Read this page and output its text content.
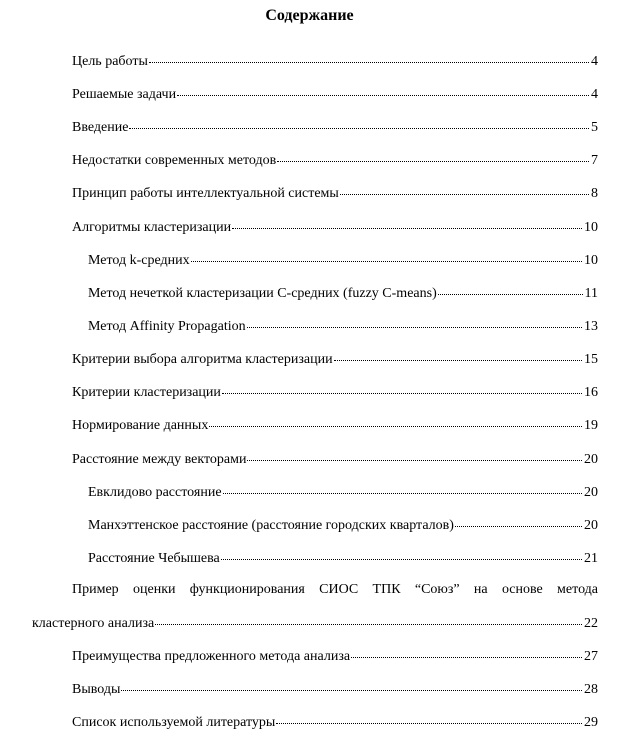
Содержание
Цель работы	4
Решаемые задачи	4
Введение	5
Недостатки современных методов	7
Принцип работы интеллектуальной системы	8
Алгоритмы кластеризации	10
Метод k-средних	10
Метод нечеткой кластеризации C-средних (fuzzy C-means)	11
Метод Affinity Propagation	13
Критерии выбора алгоритма кластеризации	15
Критерии кластеризации	16
Нормирование данных	19
Расстояние между векторами	20
Евклидово расстояние	20
Манхэттенское расстояние (расстояние городских кварталов)	20
Расстояние Чебышева	21
Пример оценки функционирования СИОС ТПК “Союз” на основе метода
кластерного анализа	22
Преимущества предложенного метода анализа	27
Выводы	28
Список используемой литературы	29
